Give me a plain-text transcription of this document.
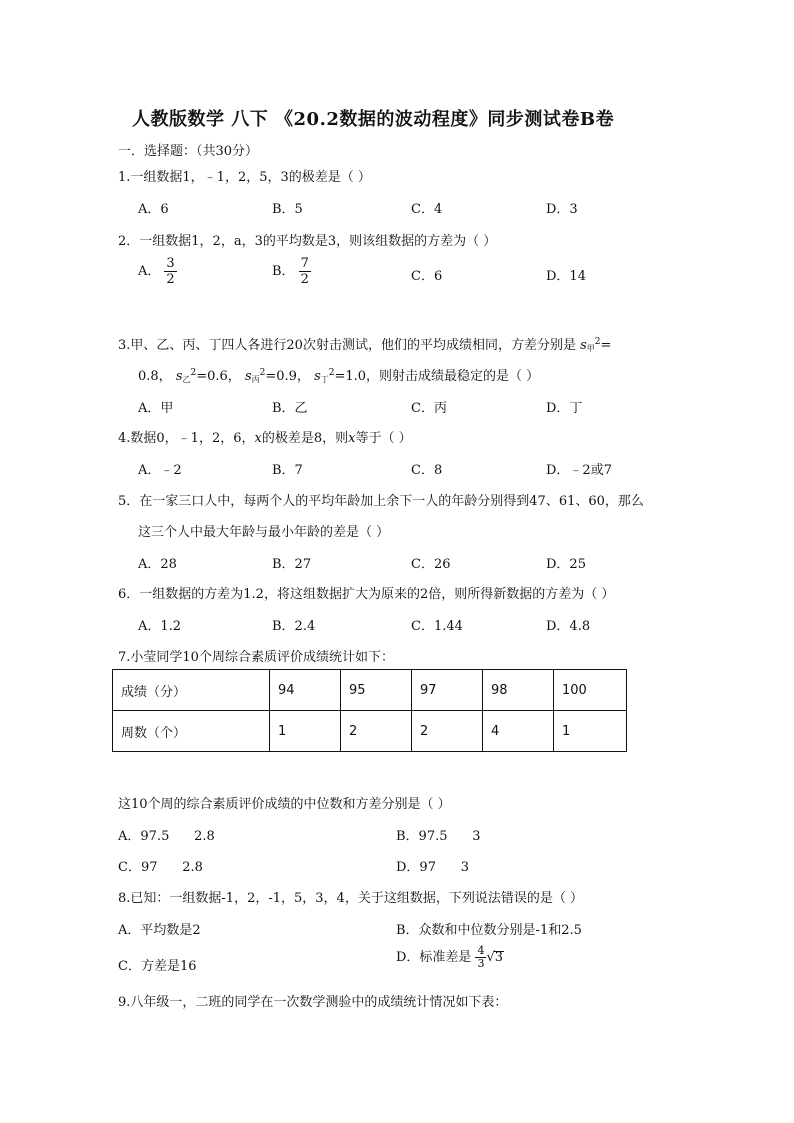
人教版数学 八下 《20.2数据的波动程度》同步测试卷B卷
一．选择题：（共30分）
1.一组数据1，﹣1，2，5，3的极差是（ ）
A．6	B．5	C．4	D．3
2．一组数据1，2，a，3的平均数是3，则该组数据的方差为（ ）
A． $\frac{3}{2}$	B． $\frac{7}{2}$	C．6	D．14
3.甲、乙、丙、丁四人各进行20次射击测试，他们的平均成绩相同，方差分别是 $s_甲^2=$
0.8， $s_乙^2=0.6$， $s_丙^2=0.9$， $s_丁^2=1.0$，则射击成绩最稳定的是（ ）
A．甲	B．乙	C．丙	D．丁
4.数据0，﹣1，2，6，x的极差是8，则x等于（ ）
A．﹣2	B．7	C．8	D．﹣2或7
5．在一家三口人中，每两个人的平均年龄加上余下一人的年龄分别得到47、61、60，那么
这三个人中最大年龄与最小年龄的差是（ ）
A．28	B．27	C．26	D．25
6．一组数据的方差为1.2，将这组数据扩大为原来的2倍，则所得新数据的方差为（ ）
A．1.2	B．2.4	C．1.44	D．4.8
7.小莹同学10个周综合素质评价成绩统计如下：
成绩（分）	94	95	97	98	100
周数（个）	1	2	2	4	1
这10个周的综合素质评价成绩的中位数和方差分别是（ ）
A．97.5      2.8	B．97.5      3
C．97      2.8	D．97      3
8.已知：一组数据-1，2，-1，5，3，4，关于这组数据，下列说法错误的是（ ）
A．平均数是2	B．众数和中位数分别是-1和2.5
C．方差是16
D．标准差是 $\frac{4}{3} √3$
9.八年级一，二班的同学在一次数学测验中的成绩统计情况如下表：
